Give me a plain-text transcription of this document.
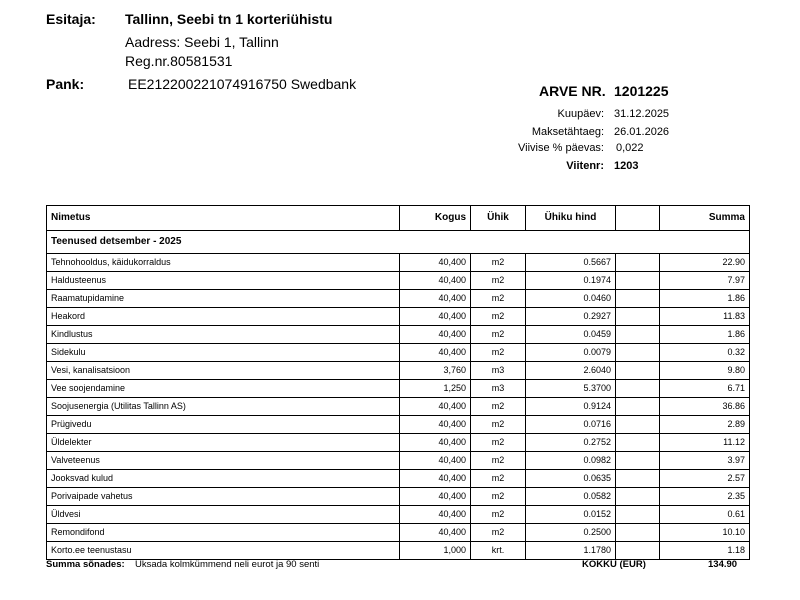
Esitaja: Tallinn, Seebi tn 1 korteriühistu
Aadress: Seebi 1, Tallinn
Reg.nr.80581531
Pank:	EE212200221074916750 Swedbank	ARVE NR. 1201225
Kuupäev: 31.12.2025
Maksetähtaeg: 26.01.2026
Viivise % päevas: 0,022
Viitenr: 1203
Nimetus	Kogus	Ühik	Ühiku hind		Summa
Teenused detsember - 2025					
Tehnohooldus, käidukorraldus	40,400	m2	0.5667		22.90
Haldusteenus	40,400	m2	0.1974		7.97
Raamatupidamine	40,400	m2	0.0460		1.86
Heakord	40,400	m2	0.2927		11.83
Kindlustus	40,400	m2	0.0459		1.86
Sidekulu	40,400	m2	0.0079		0.32
Vesi, kanalisatsioon	3,760	m3	2.6040		9.80
Vee soojendamine	1,250	m3	5.3700		6.71
Soojusenergia (Utilitas Tallinn AS)	40,400	m2	0.9124		36.86
Prügivedu	40,400	m2	0.0716		2.89
Üldelekter	40,400	m2	0.2752		11.12
Valveteenus	40,400	m2	0.0982		3.97
Jooksvad kulud	40,400	m2	0.0635		2.57
Porivaipade vahetus	40,400	m2	0.0582		2.35
Üldvesi	40,400	m2	0.0152		0.61
Remondifond	40,400	m2	0.2500		10.10
Korto.ee teenustasu	1,000	krt.	1.1780		1.18
Summa sõnades: Üksada kolmkümmend neli eurot ja 90 senti	KOKKU (EUR)	134.90
